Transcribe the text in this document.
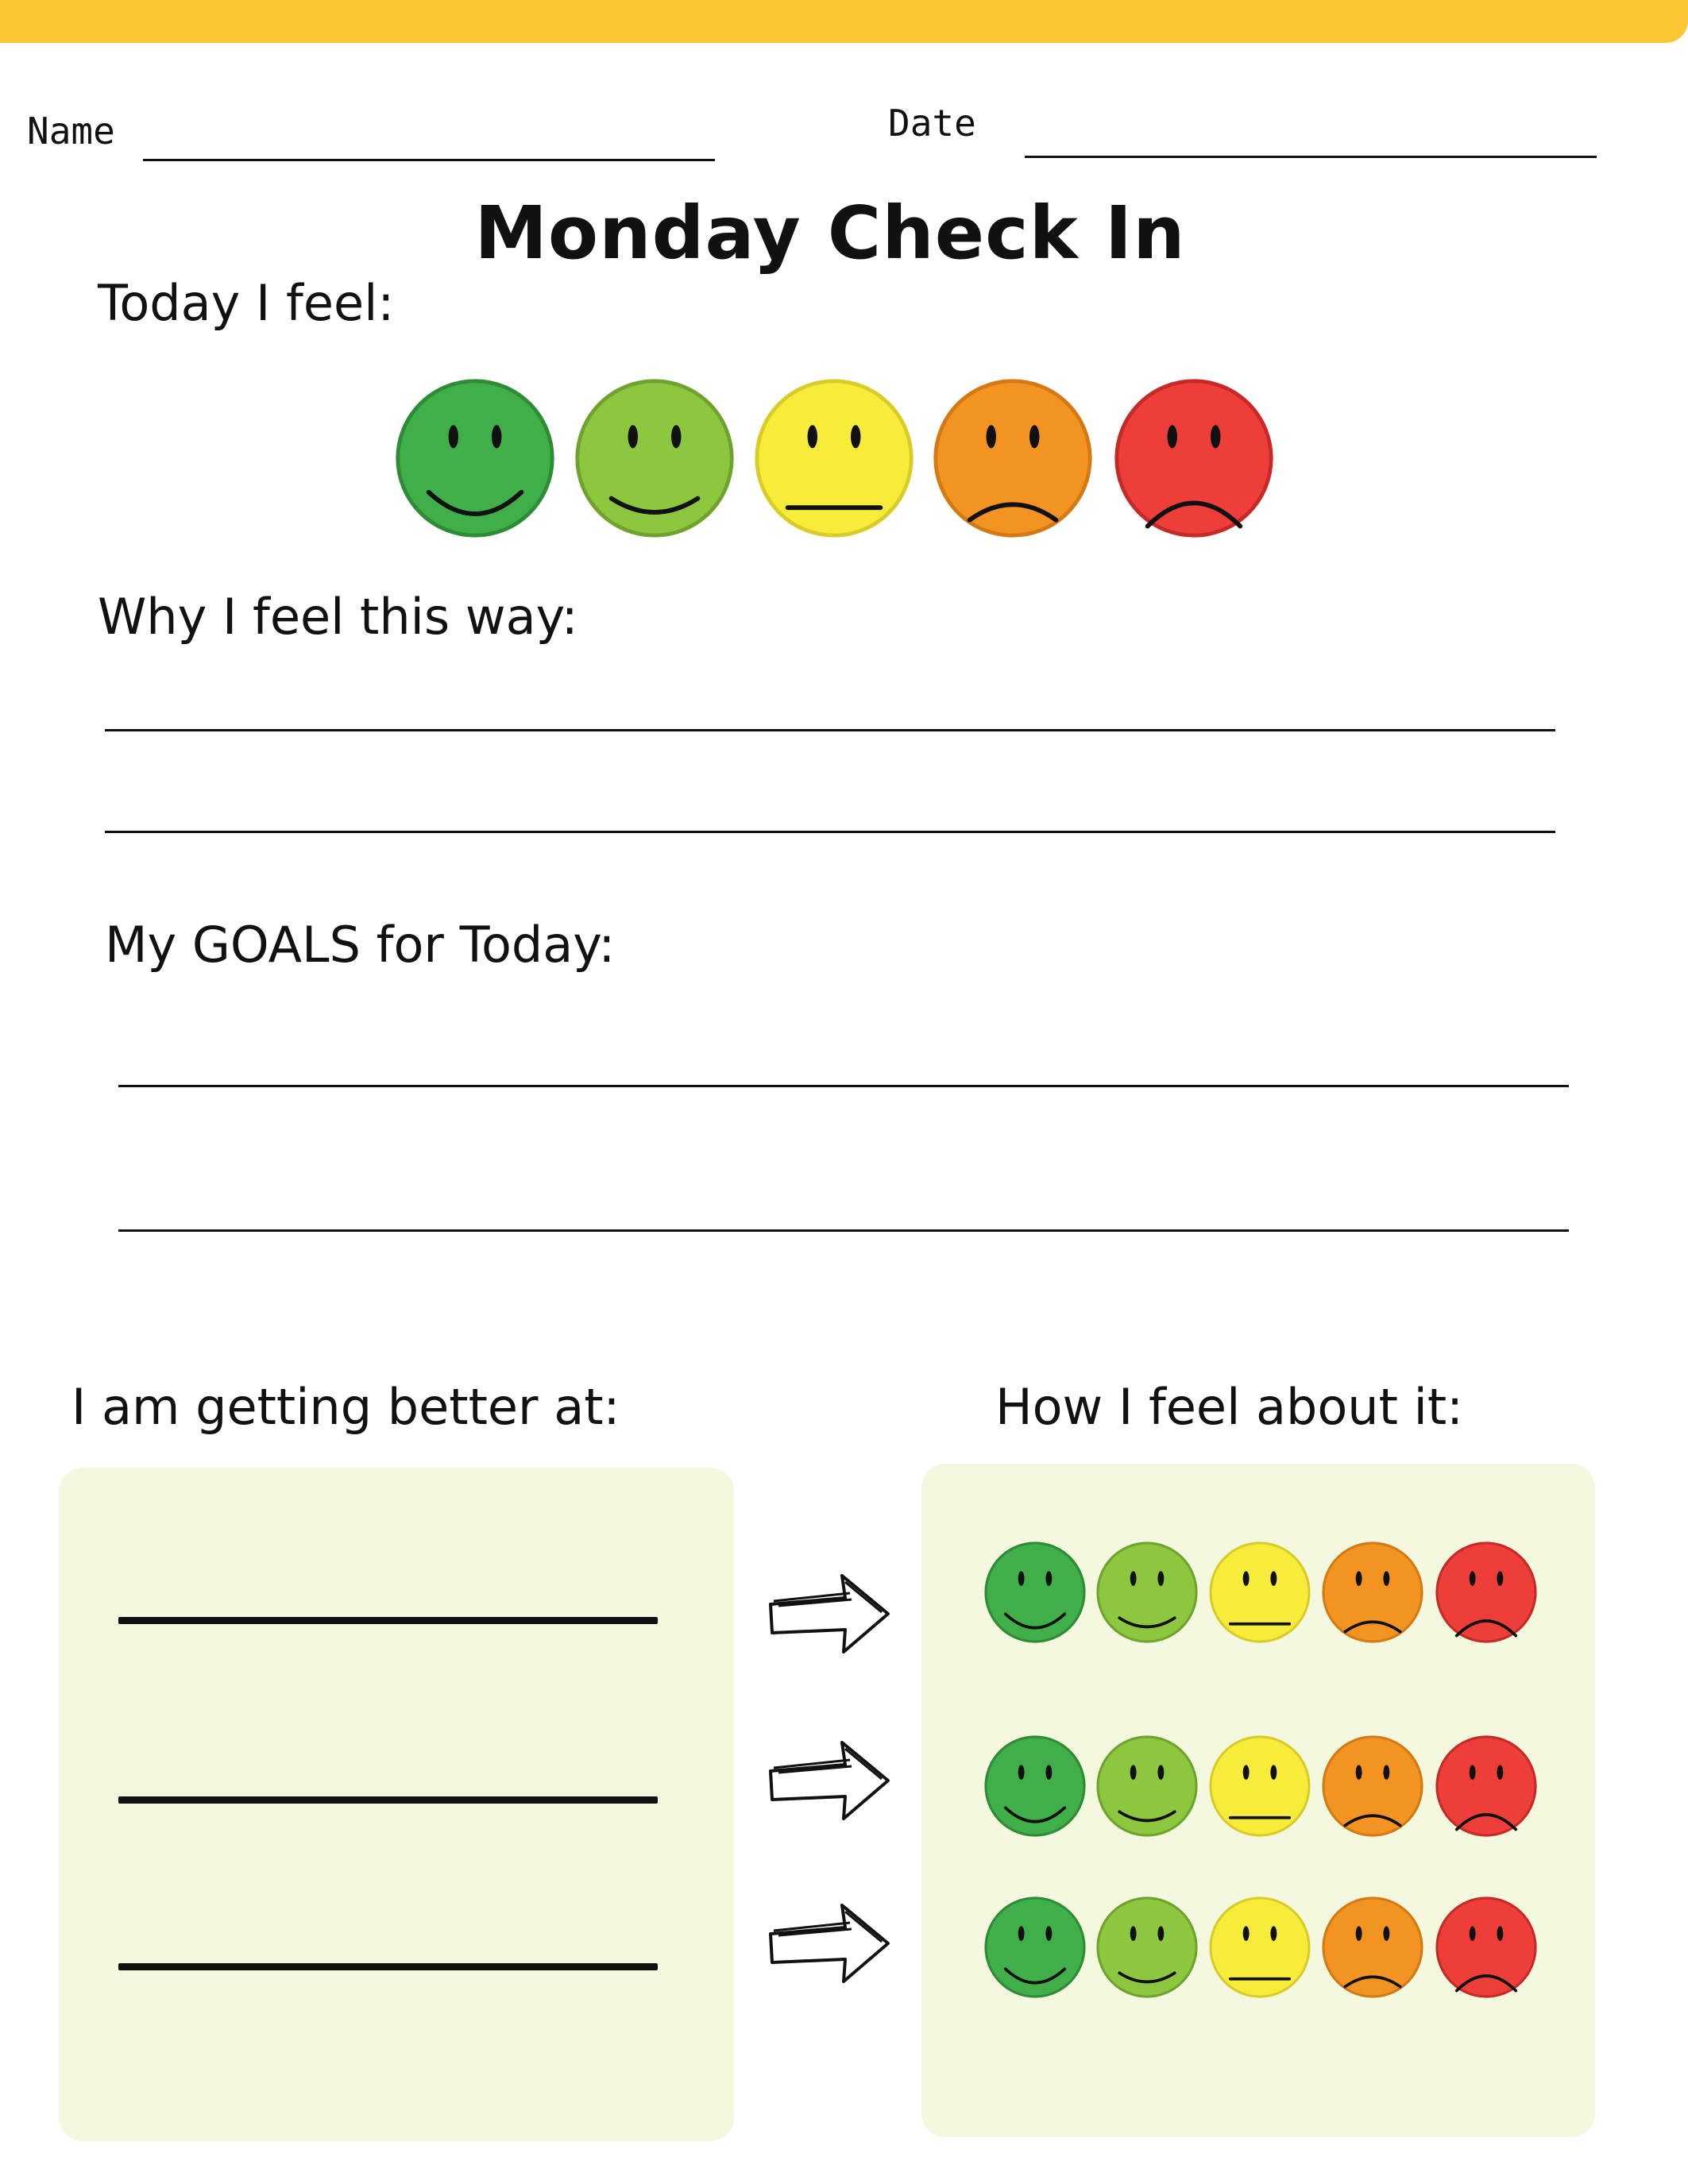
Name	Date
Monday Check In
Today I feel:
Why I feel this way:
My GOALS for Today:
I am getting better at:	How I feel about it:
